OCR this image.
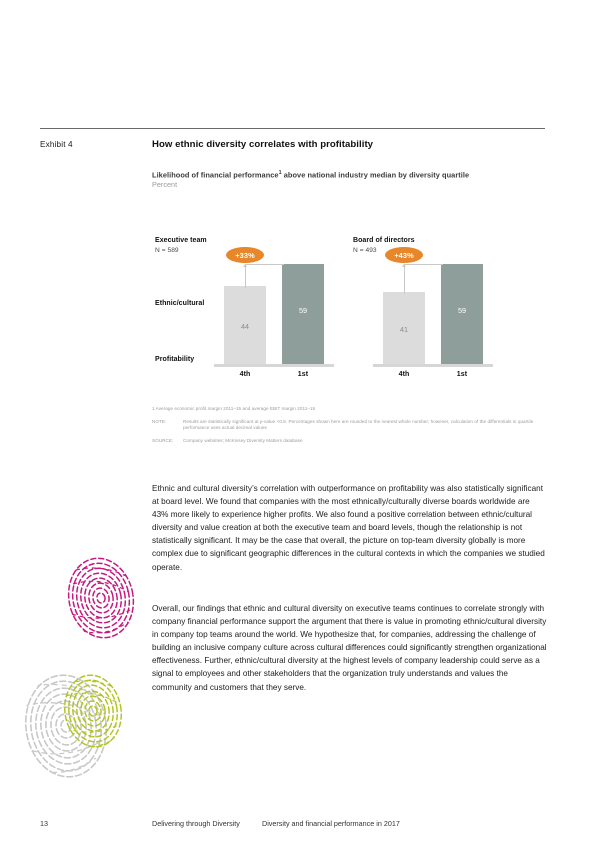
Exhibit 4	How ethnic diversity correlates with profitability
Likelihood of financial performance$^1$ above national industry median by diversity quartile
Percent
Ethnic/cultural
Profitability
Executive team
N = 589
44
59
+33%
4th	1st
Board of directors
N = 493
41
59
+43%
4th	1st
1 Average economic profit margin 2011–15 and average EBIT margin 2011–15
NOTE:	Results are statistically significant at p-value <0.5. Percentages shown here are rounded to the nearest whole number; however, calculation of the differentials in quartile performance uses actual decimal values
SOURCE: Company websites; McKinsey Diversity Matters database
Ethnic and cultural diversity’s correlation with outperformance on profitability was also statistically significant at board level. We found that companies with the most ethnically/culturally diverse boards worldwide are 43% more likely to experience higher profits. We also found a positive correlation between ethnic/cultural diversity and value creation at both the executive team and board levels, though the relationship is not statistically significant. It may be the case that overall, the picture on top-team diversity globally is more complex due to significant geographic differences in the cultural contexts in which the companies we studied operate.
Overall, our findings that ethnic and cultural diversity on executive teams continues to correlate strongly with company financial performance support the argument that there is value in promoting ethnic/cultural diversity in company top teams around the world. We hypothesize that, for companies, addressing the challenge of building an inclusive company culture across cultural differences could significantly strengthen organizational effectiveness. Further, ethnic/cultural diversity at the highest levels of company leadership could serve as a signal to employees and other stakeholders that the organization truly understands and values the community and customers that they serve.
13	Delivering through Diversity	Diversity and financial performance in 2017
